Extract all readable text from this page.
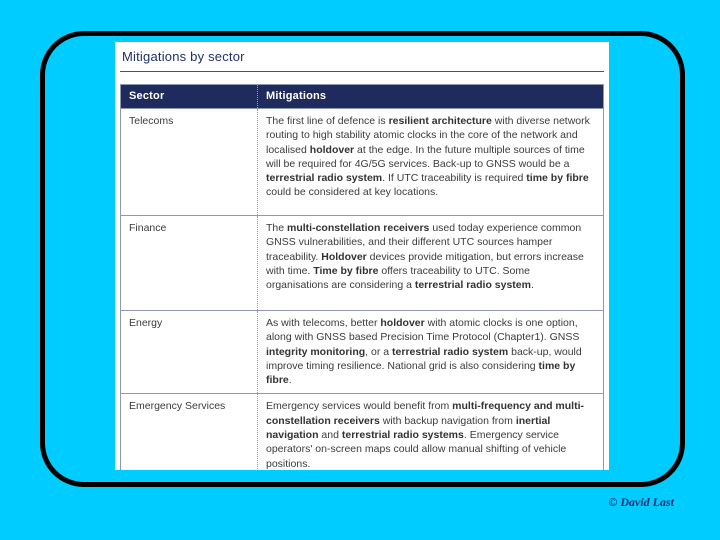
Mitigations by sector
Sector	Mitigations
Telecoms	The first line of defence is resilient architecture with diverse network routing to high stability atomic clocks in the core of the network and localised holdover at the edge. In the future multiple sources of time will be required for 4G/5G services. Back-up to GNSS would be a terrestrial radio system. If UTC traceability is required time by fibre could be considered at key locations.
Finance	The multi-constellation receivers used today experience common GNSS vulnerabilities, and their different UTC sources hamper traceability. Holdover devices provide mitigation, but errors increase with time. Time by fibre offers traceability to UTC. Some organisations are considering a terrestrial radio system.
Energy	As with telecoms, better holdover with atomic clocks is one option, along with GNSS based Precision Time Protocol (Chapter1). GNSS integrity monitoring, or a terrestrial radio system back-up, would improve timing resilience. National grid is also considering time by fibre.
Emergency Services	Emergency services would benefit from multi-frequency and multi-constellation receivers with backup navigation from inertial navigation and terrestrial radio systems. Emergency service operators' on-screen maps could allow manual shifting of vehicle positions.
© David Last
